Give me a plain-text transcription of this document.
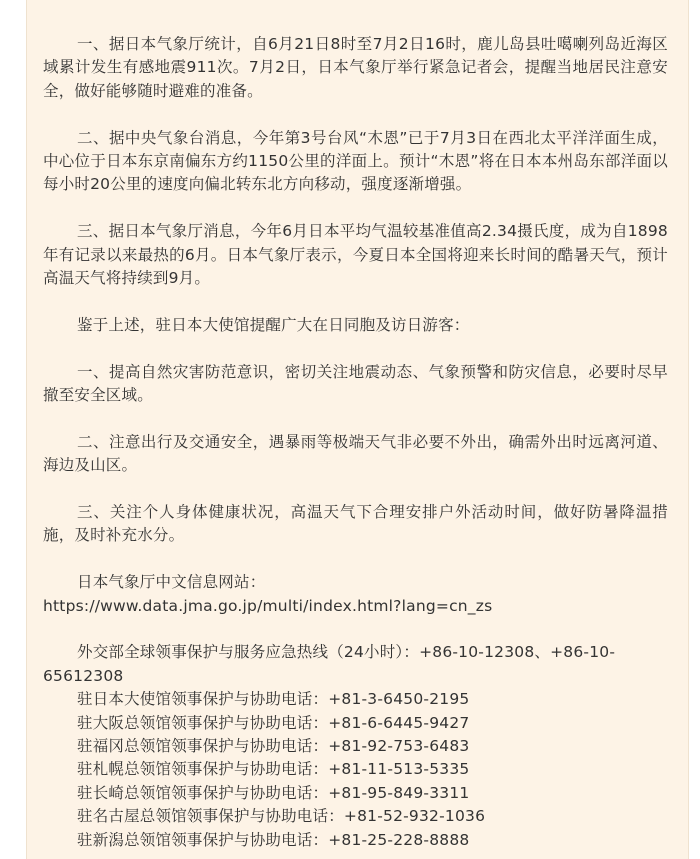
一、据日本气象厅统计，自6月21日8时至7月2日16时，鹿儿岛县吐噶喇列岛近海区域累计发生有感地震911次。7月2日，日本气象厅举行紧急记者会，提醒当地居民注意安全，做好能够随时避难的准备。

二、据中央气象台消息，今年第3号台风“木恩”已于7月3日在西北太平洋洋面生成，中心位于日本东京南偏东方约1150公里的洋面上。预计“木恩”将在日本本州岛东部洋面以每小时20公里的速度向偏北转东北方向移动，强度逐渐增强。

三、据日本气象厅消息，今年6月日本平均气温较基准值高2.34摄氏度，成为自1898年有记录以来最热的6月。日本气象厅表示，今夏日本全国将迎来长时间的酷暑天气，预计高温天气将持续到9月。

鉴于上述，驻日本大使馆提醒广大在日同胞及访日游客：

一、提高自然灾害防范意识，密切关注地震动态、气象预警和防灾信息，必要时尽早撤至安全区域。

二、注意出行及交通安全，遇暴雨等极端天气非必要不外出，确需外出时远离河道、海边及山区。

三、关注个人身体健康状况，高温天气下合理安排户外活动时间，做好防暑降温措施，及时补充水分。

日本气象厅中文信息网站：
https://www.data.jma.go.jp/multi/index.html?lang=cn_zs

外交部全球领事保护与服务应急热线（24小时）：+86-10-12308、+86-10-65612308

驻日本大使馆领事保护与协助电话：+81-3-6450-2195

驻大阪总领馆领事保护与协助电话：+81-6-6445-9427

驻福冈总领馆领事保护与协助电话：+81-92-753-6483

驻札幌总领馆领事保护与协助电话：+81-11-513-5335

驻长崎总领馆领事保护与协助电话：+81-95-849-3311

驻名古屋总领馆领事保护与协助电话：+81-52-932-1036

驻新潟总领馆领事保护与协助电话：+81-25-228-8888
